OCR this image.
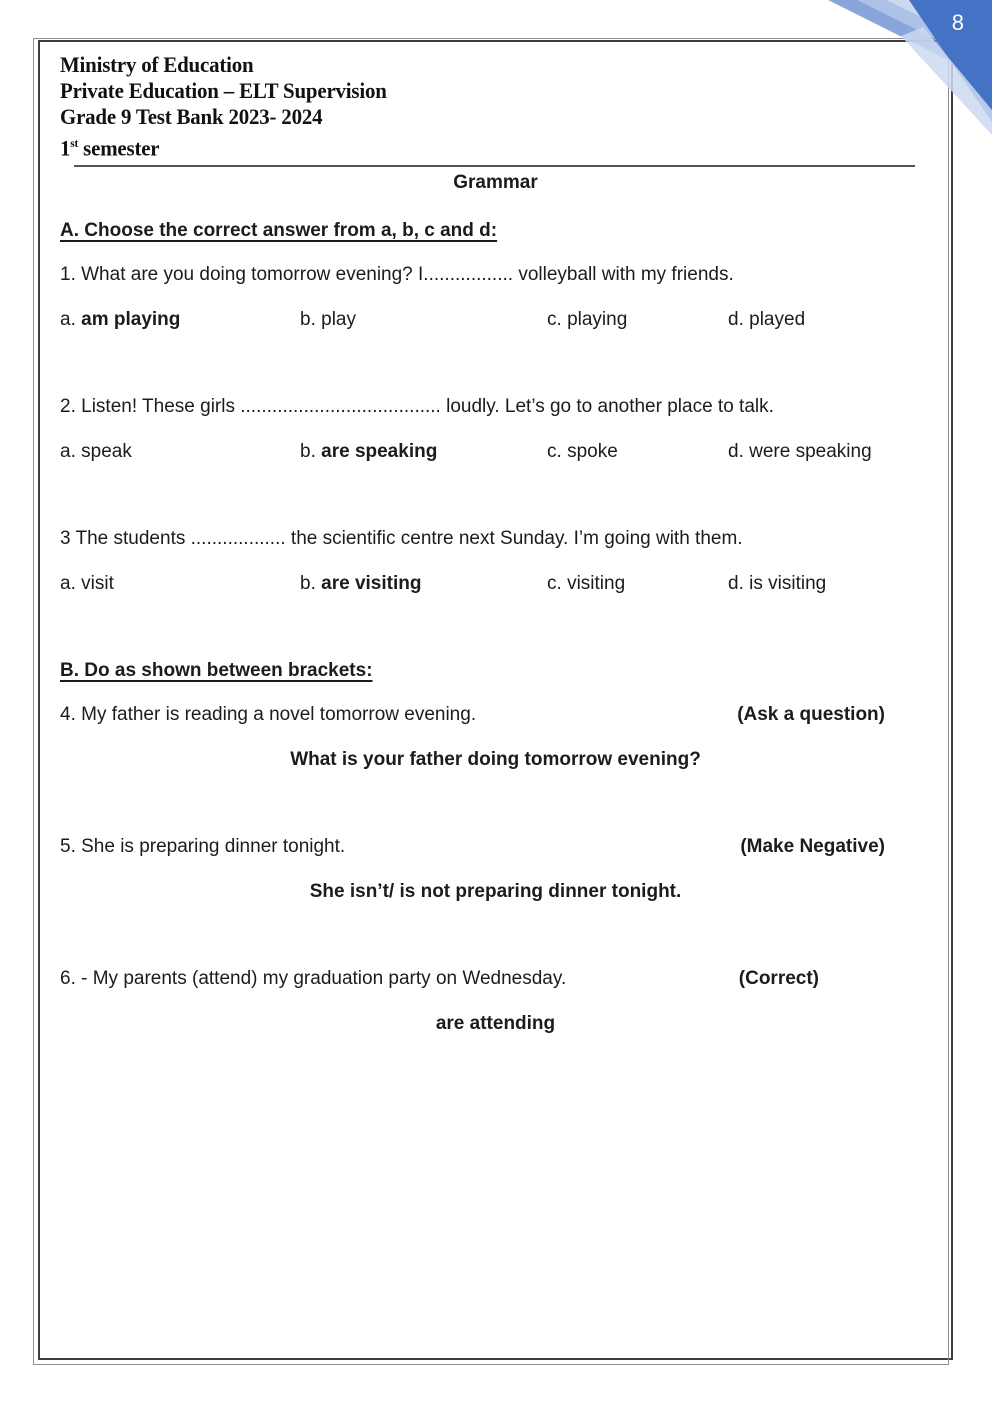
Ministry of Education
Private Education – ELT Supervision
Grade 9 Test Bank 2023- 2024
1st semester
Grammar
A. Choose the correct answer from a, b, c and d:

1. What are you doing tomorrow evening? I................. volleyball with my friends.

a. am playing	b. play	c. playing	d. played

2. Listen! These girls ...................................... loudly. Let’s go to another place to talk.

a. speak	b. are speaking	c. spoke	d. were speaking

3 The students .................. the scientific centre next Sunday. I’m going with them.

a. visit	b. are visiting	c. visiting	d. is visiting
B. Do as shown between brackets:
4. My father is reading a novel tomorrow evening.	(Ask a question)

What is your father doing tomorrow evening?

5. She is preparing dinner tonight.	(Make Negative)

She isn’t/ is not preparing dinner tonight.

6. - My parents (attend) my graduation party on Wednesday.	(Correct)

are attending

8
